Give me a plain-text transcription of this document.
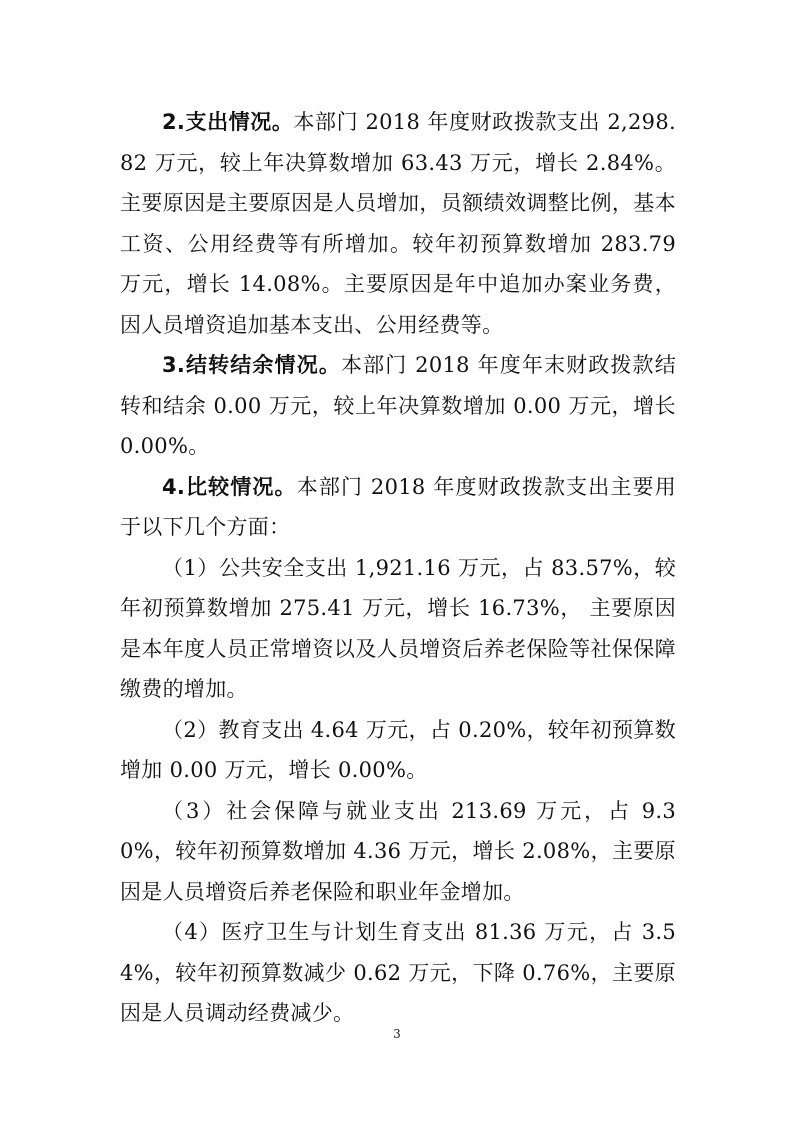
2.支出情况。本部门 2018 年度财政拨款支出 2,298.82 万元，较上年决算数增加 63.43 万元，增长 2.84%。主要原因是主要原因是人员增加，员额绩效调整比例，基本工资、公用经费等有所增加。较年初预算数增加 283.79 万元，增长 14.08%。主要原因是年中追加办案业务费，因人员增资追加基本支出、公用经费等。

3.结转结余情况。本部门 2018 年度年末财政拨款结转和结余 0.00 万元，较上年决算数增加 0.00 万元，增长 0.00%。

4.比较情况。本部门 2018 年度财政拨款支出主要用于以下几个方面：

（1）公共安全支出 1,921.16 万元，占 83.57%，较年初预算数增加 275.41 万元，增长 16.73%， 主要原因是本年度人员正常增资以及人员增资后养老保险等社保保障缴费的增加。

（2）教育支出 4.64 万元，占 0.20%，较年初预算数增加 0.00 万元，增长 0.00%。

（3）社会保障与就业支出 213.69 万元，占 9.30%，较年初预算数增加 4.36 万元，增长 2.08%，主要原因是人员增资后养老保险和职业年金增加。

（4）医疗卫生与计划生育支出 81.36 万元，占 3.54%，较年初预算数减少 0.62 万元，下降 0.76%，主要原因是人员调动经费减少。

3
